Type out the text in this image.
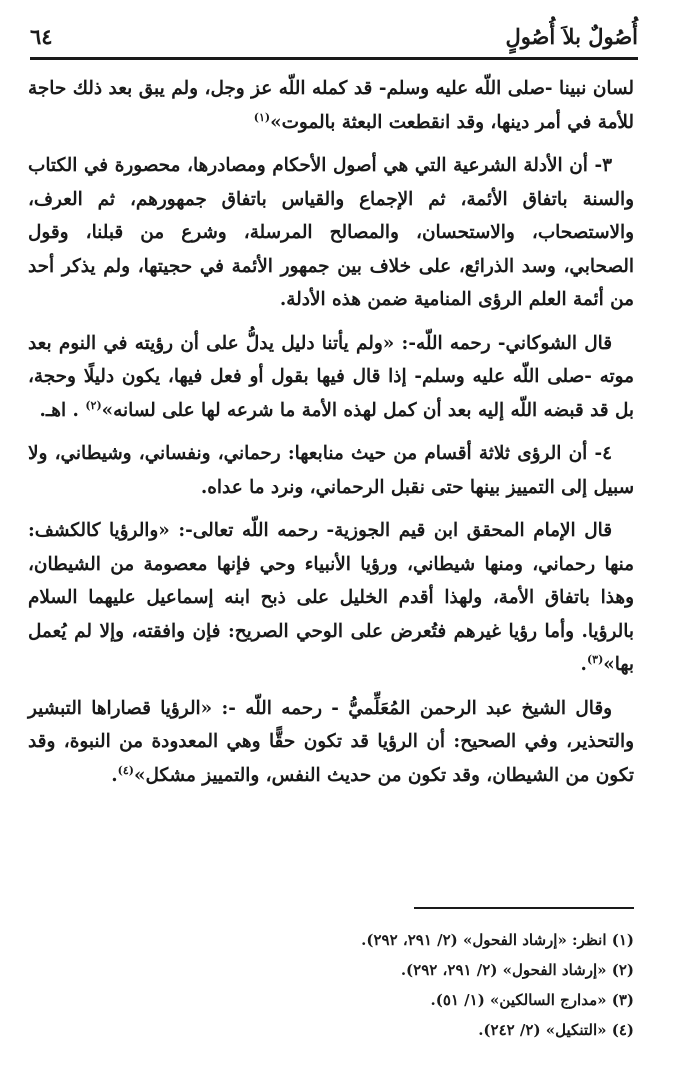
أُصُولٌ بلاَ أُصُولٍ
٦٤

لسان نبينا -صلى اللّه عليه وسلم- قد كمله اللّه عز وجل، ولم يبق بعد ذلك حاجة للأمة في أمر دينها، وقد انقطعت البعثة بالموت»$^{(١)}$

٣- أن الأدلة الشرعية التي هي أصول الأحكام ومصادرها، محصورة في الكتاب والسنة باتفاق الأئمة، ثم الإجماع والقياس باتفاق جمهورهم، ثم العرف، والاستصحاب، والاستحسان، والمصالح المرسلة، وشرع من قبلنا، وقول الصحابي، وسد الذرائع، على خلاف بين جمهور الأئمة في حجيتها، ولم يذكر أحد من أئمة العلم الرؤى المنامية ضمن هذه الأدلة.

قال الشوكاني- رحمه اللّه-: «ولم يأتنا دليل يدلُّ على أن رؤيته في النوم بعد موته -صلى اللّه عليه وسلم- إذا قال فيها بقول أو فعل فيها، يكون دليلًا وحجة، بل قد قبضه اللّه إليه بعد أن كمل لهذه الأمة ما شرعه لها على لسانه»$^{(٢)}$ . اهـ.

٤- أن الرؤى ثلاثة أقسام من حيث منابعها: رحماني، ونفساني، وشيطاني، ولا سبيل إلى التمييز بينها حتى نقبل الرحماني، ونرد ما عداه.

قال الإمام المحقق ابن قيم الجوزية- رحمه اللّه تعالى-: «والرؤيا كالكشف: منها رحماني، ومنها شيطاني، ورؤيا الأنبياء وحي فإنها معصومة من الشيطان، وهذا باتفاق الأمة، ولهذا أقدم الخليل على ذبح ابنه إسماعيل عليهما السلام بالرؤيا. وأما رؤيا غيرهم فتُعرض على الوحي الصريح: فإن وافقته، وإلا لم يُعمل بها»$^{(٣)}$.

وقال الشيخ عبد الرحمن المُعَلِّميُّ - رحمه اللّه -: «الرؤيا قصاراها التبشير والتحذير، وفي الصحيح: أن الرؤيا قد تكون حقًّا وهي المعدودة من النبوة، وقد تكون من الشيطان، وقد تكون من حديث النفس، والتمييز مشكل»$^{(٤)}$.

(١) انظر: «إرشاد الفحول» (٢/ ٢٩١، ٢٩٢).
(٢) «إرشاد الفحول» (٢/ ٢٩١، ٢٩٢).
(٣) «مدارج السالكين» (١/ ٥١).
(٤) «التنكيل» (٢/ ٢٤٢).
